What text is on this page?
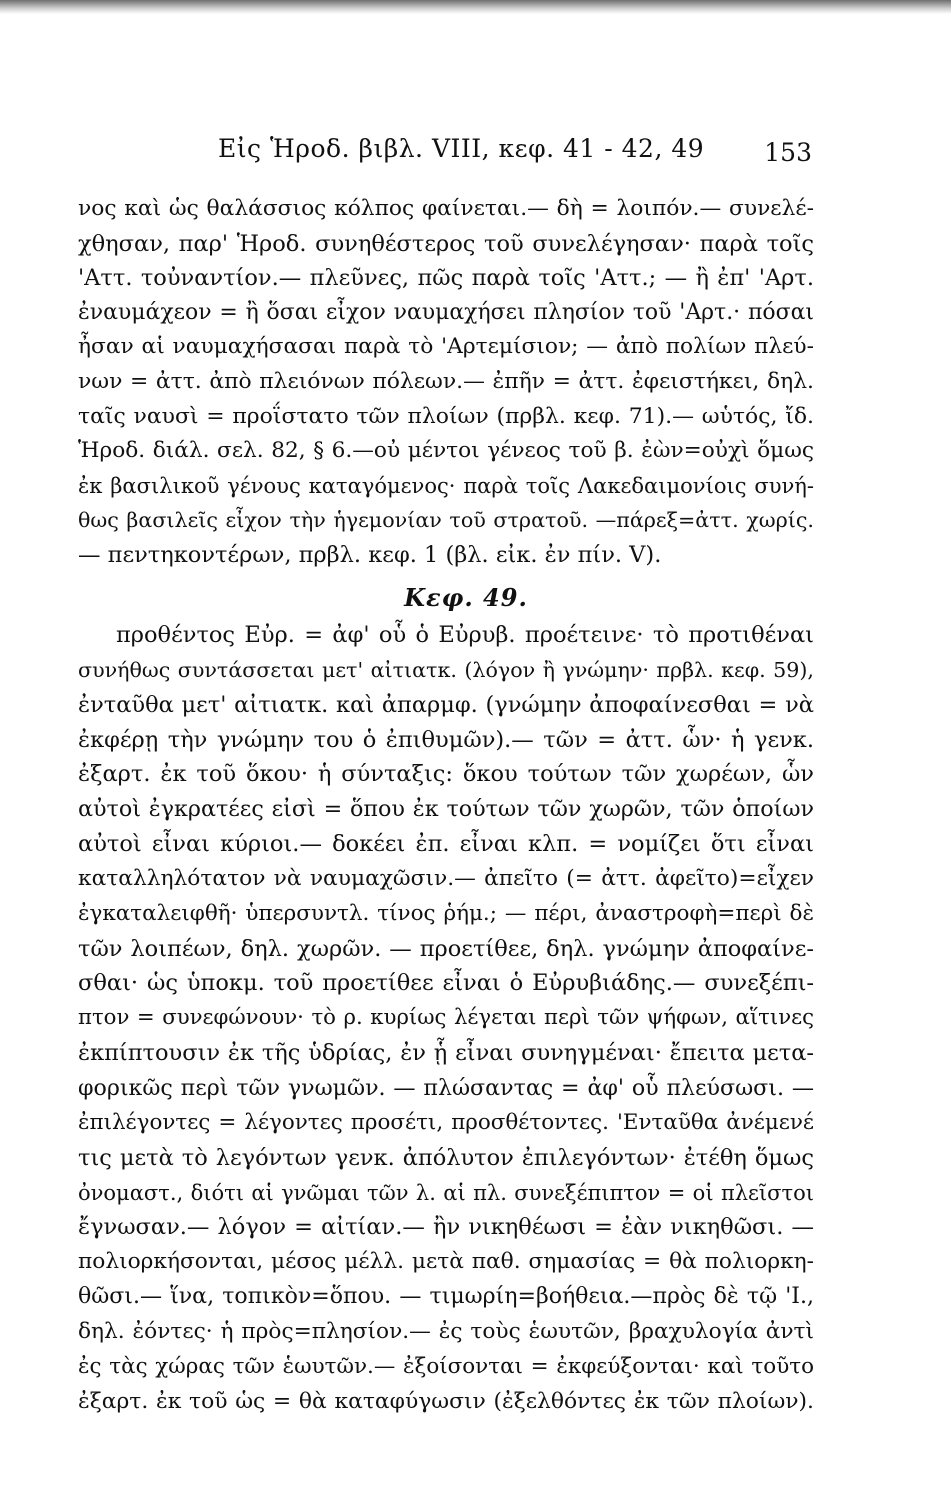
Εἰς Ἡροδ. βιβλ. VIII, κεφ. 41 - 42, 49 153
νος καὶ ὡς θαλάσσιος κόλπος φαίνεται.— δὴ = λοιπόν.— συνελέ-
χθησαν, παρ' Ἡροδ. συνηθέστερος τοῦ συνελέγησαν· παρὰ τοῖς
'Αττ. τοὐναντίον.— πλεῦνες, πῶς παρὰ τοῖς 'Αττ.; — ἢ ἐπ' 'Αρτ.
ἐναυμάχεον = ἢ ὅσαι εἶχον ναυμαχήσει πλησίον τοῦ 'Αρτ.· πόσαι
ἦσαν αἱ ναυμαχήσασαι παρὰ τὸ 'Αρτεμίσιον; — ἀπὸ πολίων πλεύ-
νων = ἀττ. ἀπὸ πλειόνων πόλεων.— ἐπῆν = ἀττ. ἐφειστήκει, δηλ.
ταῖς ναυσὶ = προΐστατο τῶν πλοίων (πρβλ. κεφ. 71).— ωὑτός, ἴδ.
Ἡροδ. διάλ. σελ. 82, § 6.—οὐ μέντοι γένεος τοῦ β. ἐὼν=οὐχὶ ὅμως
ἐκ βασιλικοῦ γένους καταγόμενος· παρὰ τοῖς Λακεδαιμονίοις συνή-
θως βασιλεῖς εἶχον τὴν ἡγεμονίαν τοῦ στρατοῦ. —πάρεξ=ἀττ. χωρίς.
— πεντηκοντέρων, πρβλ. κεφ. 1 (βλ. εἰκ. ἐν πίν. V).
Κεφ. 49.
προθέντος Εὐρ. = ἀφ' οὗ ὁ Εὐρυβ. προέτεινε· τὸ προτιθέναι
συνήθως συντάσσεται μετ' αἰτιατκ. (λόγον ἢ γνώμην· πρβλ. κεφ. 59),
ἐνταῦθα μετ' αἰτιατκ. καὶ ἀπαρμφ. (γνώμην ἀποφαίνεσθαι = νὰ
ἐκφέρῃ τὴν γνώμην του ὁ ἐπιθυμῶν).— τῶν = ἀττ. ὧν· ἡ γενκ.
ἐξαρτ. ἐκ τοῦ ὅκου· ἡ σύνταξις: ὅκου τούτων τῶν χωρέων, ὧν
αὐτοὶ ἐγκρατέες εἰσὶ = ὅπου ἐκ τούτων τῶν χωρῶν, τῶν ὁποίων
αὐτοὶ εἶναι κύριοι.— δοκέει ἐπ. εἶναι κλπ. = νομίζει ὅτι εἶναι
καταλληλότατον νὰ ναυμαχῶσιν.— ἀπεῖτο (= ἀττ. ἀφεῖτο)=εἶχεν
ἐγκαταλειφθῆ· ὑπερσυντλ. τίνος ῥήμ.; — πέρι, ἀναστροφὴ=περὶ δὲ
τῶν λοιπέων, δηλ. χωρῶν. — προετίθεε, δηλ. γνώμην ἀποφαίνε-
σθαι· ὡς ὑποκμ. τοῦ προετίθεε εἶναι ὁ Εὐρυβιάδης.— συνεξέπι-
πτον = συνεφώνουν· τὸ ρ. κυρίως λέγεται περὶ τῶν ψήφων, αἵτινες
ἐκπίπτουσιν ἐκ τῆς ὑδρίας, ἐν ᾗ εἶναι συνηγμέναι· ἔπειτα μετα-
φορικῶς περὶ τῶν γνωμῶν. — πλώσαντας = ἀφ' οὗ πλεύσωσι. —
ἐπιλέγοντες = λέγοντες προσέτι, προσθέτοντες. 'Ενταῦθα ἀνέμενέ
τις μετὰ τὸ λεγόντων γενκ. ἀπόλυτον ἐπιλεγόντων· ἐτέθη ὅμως
ὀνομαστ., διότι αἱ γνῶμαι τῶν λ. αἱ πλ. συνεξέπιπτον = οἱ πλεῖστοι
ἔγνωσαν.— λόγον = αἰτίαν.— ἢν νικηθέωσι = ἐὰν νικηθῶσι. —
πολιορκήσονται, μέσος μέλλ. μετὰ παθ. σημασίας = θὰ πολιορκη-
θῶσι.— ἵνα, τοπικὸν=ὅπου. — τιμωρίη=βοήθεια.—πρὸς δὲ τῷ 'Ι.,
δηλ. ἐόντες· ἡ πρὸς=πλησίον.— ἐς τοὺς ἑωυτῶν, βραχυλογία ἀντὶ
ἐς τὰς χώρας τῶν ἑωυτῶν.— ἐξοίσονται = ἐκφεύξονται· καὶ τοῦτο
ἐξαρτ. ἐκ τοῦ ὡς = θὰ καταφύγωσιν (ἐξελθόντες ἐκ τῶν πλοίων).
